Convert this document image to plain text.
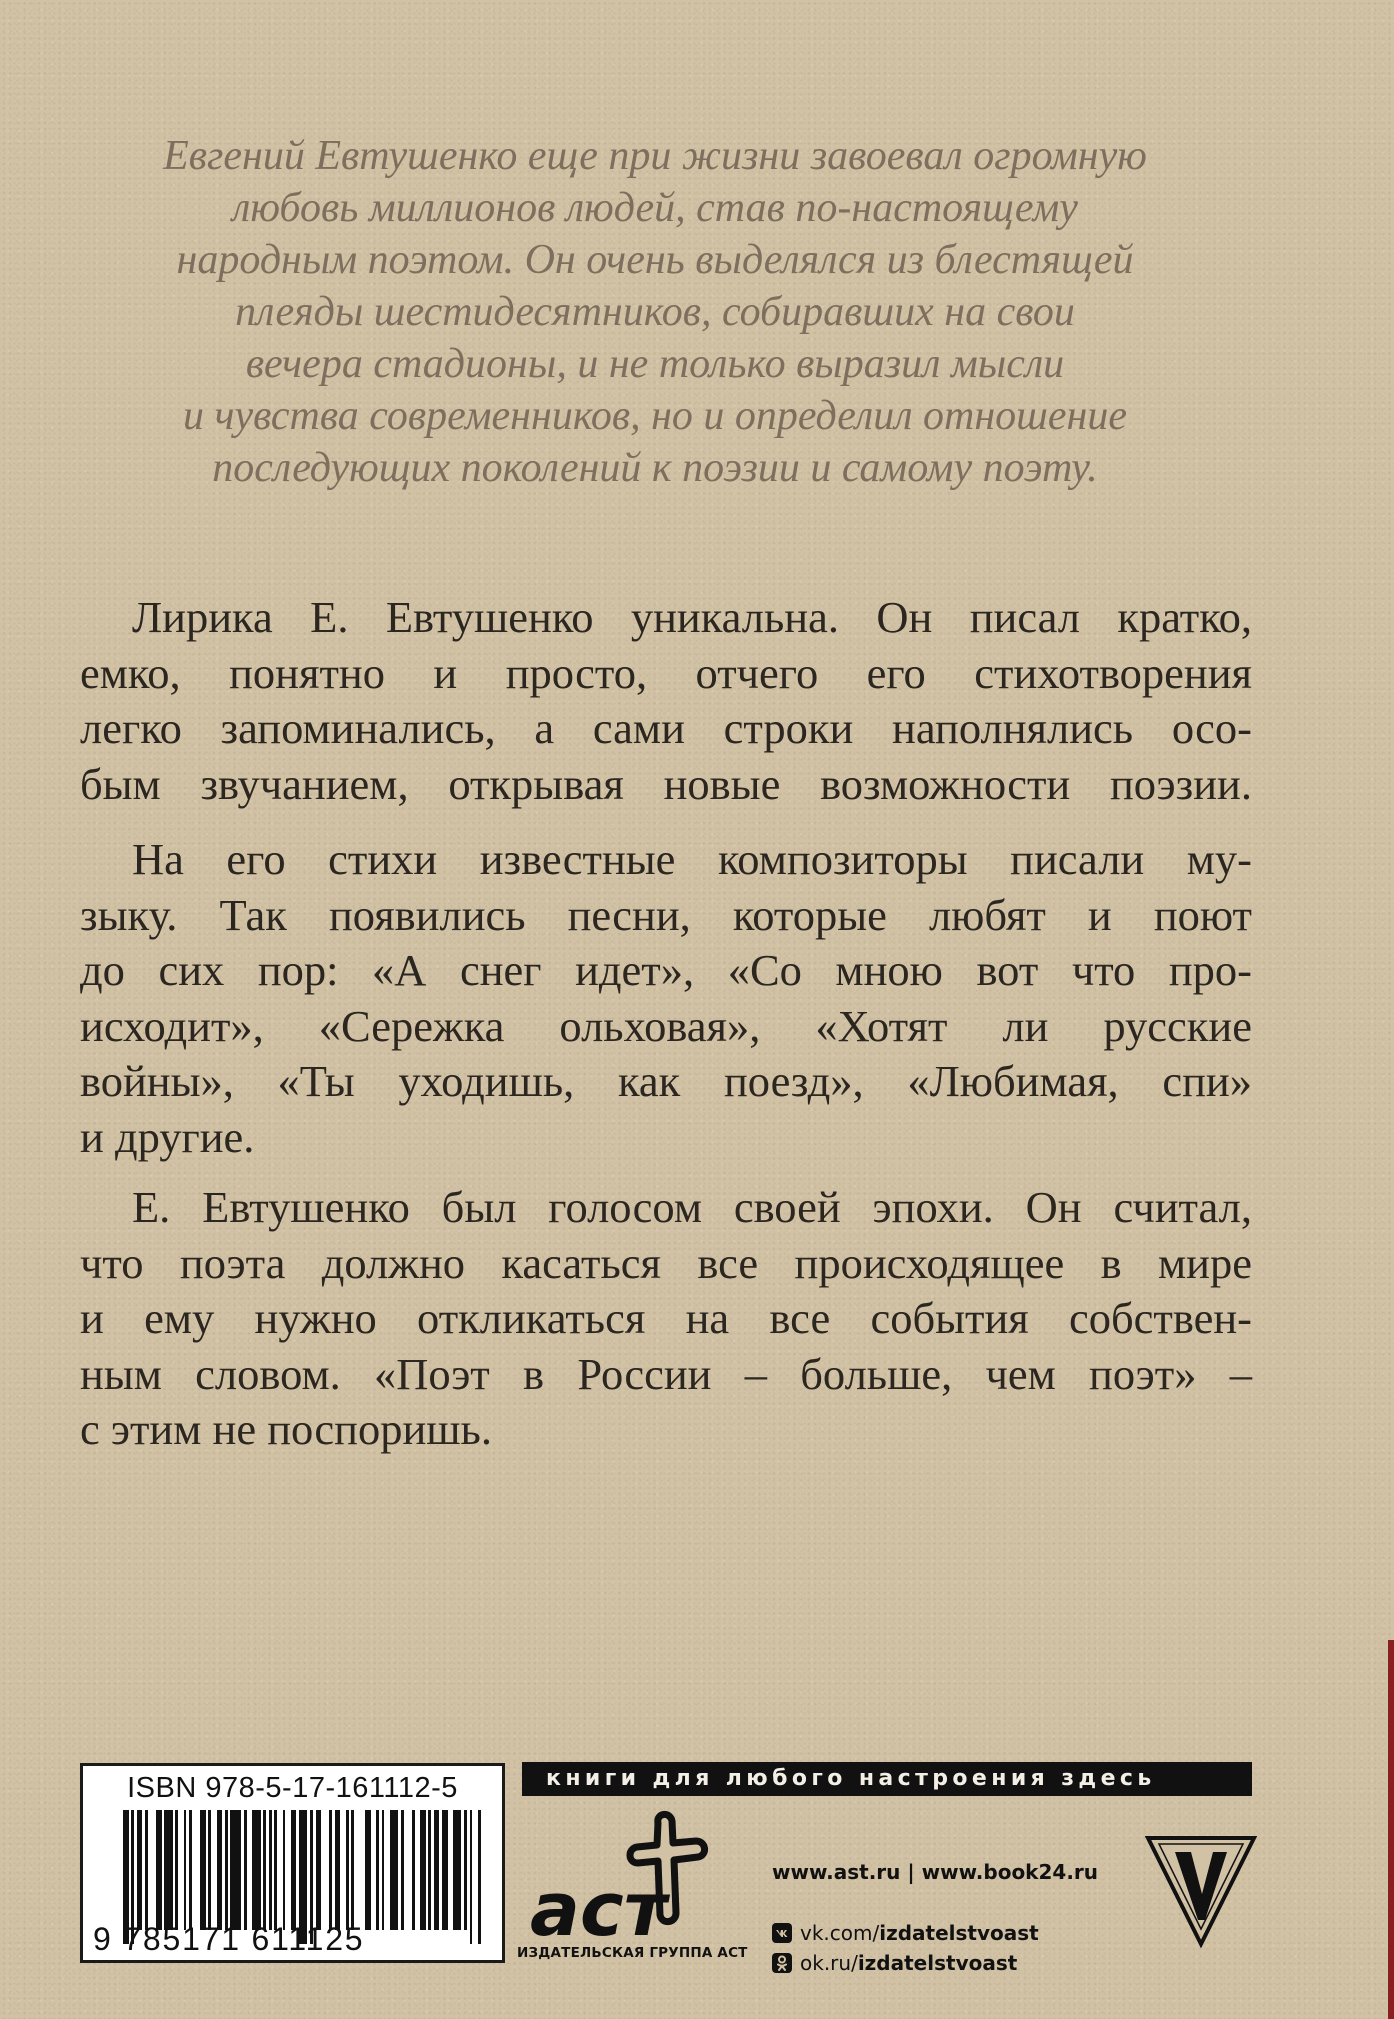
Евгений Евтушенко еще при жизни завоевал огромную
любовь миллионов людей, став по-настоящему
народным поэтом. Он очень выделялся из блестящей
плеяды шестидесятников, собиравших на свои
вечера стадионы, и не только выразил мысли
и чувства современников, но и определил отношение
последующих поколений к поэзии и самому поэту.
Лирика Е. Евтушенко уникальна. Он писал кратко,
емко, понятно и просто, отчего его стихотворения
легко запоминались, а сами строки наполнялись осо-
бым звучанием, открывая новые возможности поэзии.
На его стихи известные композиторы писали му-
зыку. Так появились песни, которые любят и поют
до сих пор: «А снег идет», «Со мною вот что про-
исходит», «Сережка ольховая», «Хотят ли русские
войны», «Ты уходишь, как поезд», «Любимая, спи»
и другие.
Е. Евтушенко был голосом своей эпохи. Он считал,
что поэта должно касаться все происходящее в мире
и ему нужно откликаться на все события собствен-
ным словом. «Поэт в России – больше, чем поэт» –
с этим не поспоришь.
ISBN 978-5-17-161112-5
9 785171 611125
книги для любого настроения здесь
аст
ИЗДАТЕЛЬСКАЯ ГРУППА АСТ
www.ast.ru | www.book24.ru
vk.com/ izdatelstvoast
ok.ru/ izdatelstvoast
